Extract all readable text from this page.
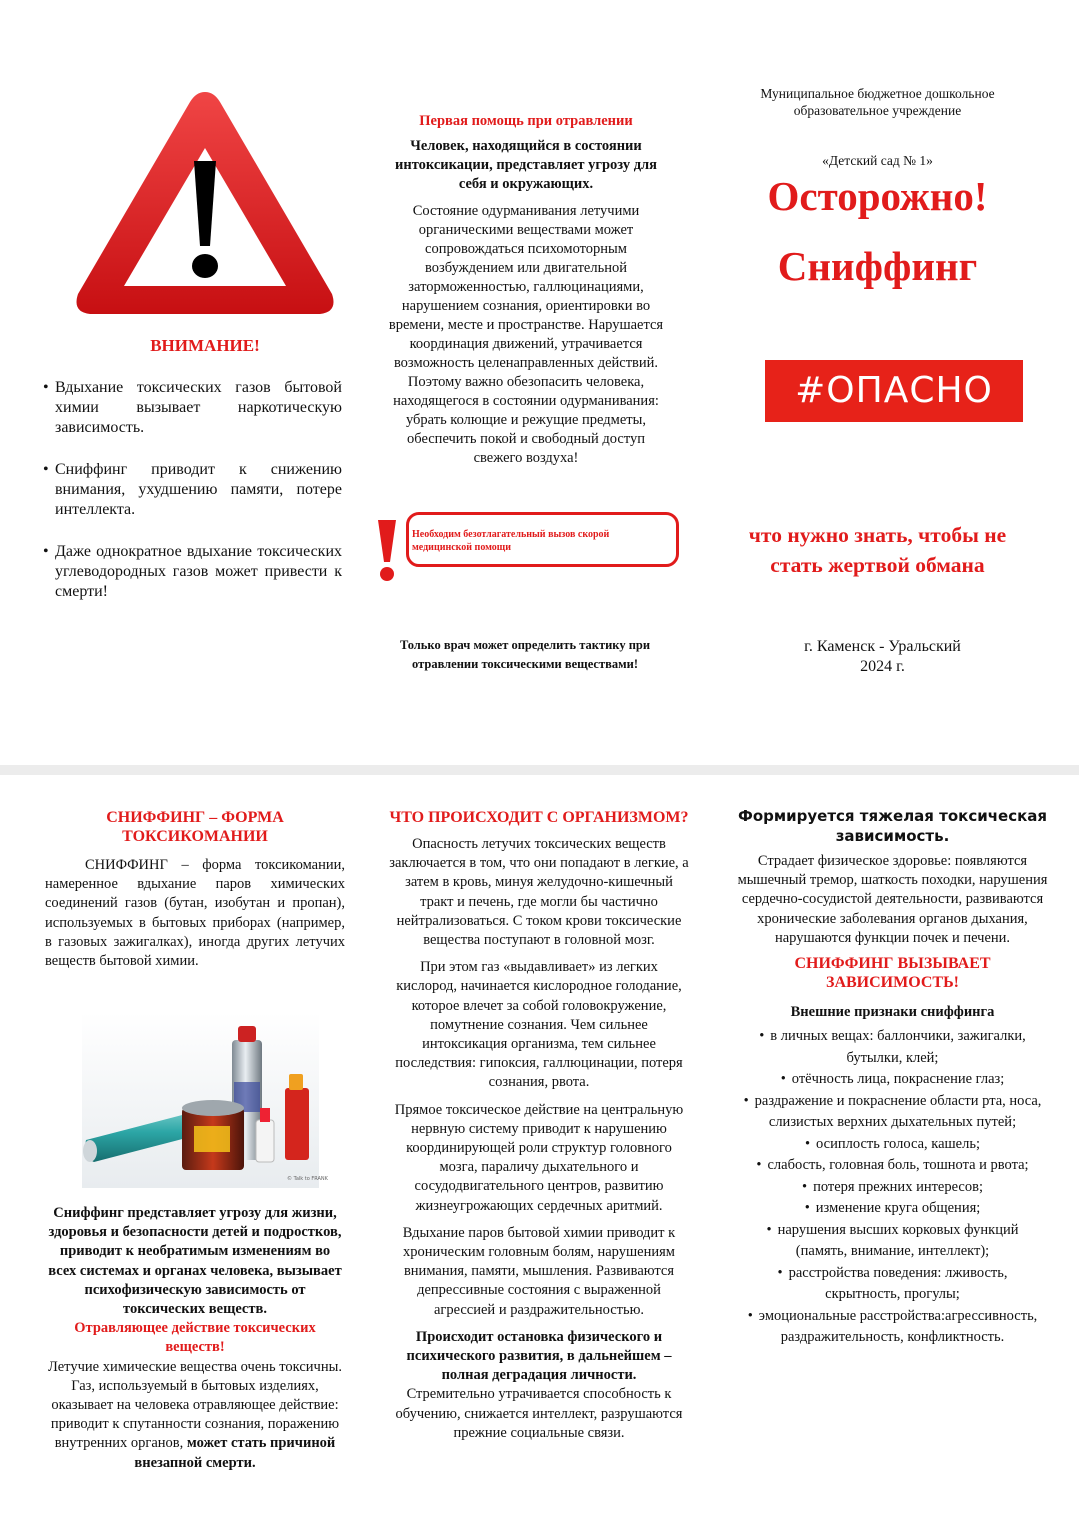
ВНИМАНИЕ!
• Вдыхание токсических газов бытовой химии вызывает наркотическую зависимость.
• Сниффинг приводит к снижению внимания, ухудшению памяти, потере интеллекта.
• Даже однократное вдыхание токсических углеводородных газов может привести к смерти!
Первая помощь при отравлении
Человек, находящийся в состоянии интоксикации, представляет угрозу для себя и окружающих.
Состояние одурманивания летучими органическими веществами может сопровождаться психомоторным возбуждением или двигательной заторможенностью, галлюцинациями, нарушением сознания, ориентировки во времени, месте и пространстве. Нарушается координация движений, утрачивается возможность целенаправленных действий. Поэтому важно обезопасить человека, находящегося в состоянии одурманивания: убрать колющие и режущие предметы, обеспечить покой и свободный доступ свежего воздуха!
Необходим безотлагательный вызов скорой
медицинской помощи
Только врач может определить тактику при отравлении токсическими веществами!
Муниципальное бюджетное дошкольное образовательное учреждение
«Детский сад № 1»
Осторожно!
Сниффинг
#ОПАСНО
что нужно знать, чтобы не стать жертвой обмана
г. Каменск - Уральский
2024 г.
СНИФФИНГ – ФОРМА ТОКСИКОМАНИИ
СНИФФИНГ – форма токсикомании, намеренное вдыхание паров химических соединений газов (бутан, изобутан и пропан), используемых в бытовых приборах (например, в газовых зажигалках), иногда других летучих веществ бытовой химии.
© Talk to FRANK
Сниффинг представляет угрозу для жизни, здоровья и безопасности детей и подростков, приводит к необратимым изменениям во всех системах и органах человека, вызывает психофизическую зависимость от токсических веществ.
Отравляющее действие токсических веществ!
Летучие химические вещества очень токсичны. Газ, используемый в бытовых изделиях, оказывает на человека отравляющее действие: приводит к спутанности сознания, поражению внутренних органов, может стать причиной внезапной смерти.
ЧТО ПРОИСХОДИТ С ОРГАНИЗМОМ?
Опасность летучих токсических веществ заключается в том, что они попадают в легкие, а затем в кровь, минуя желудочно-кишечный тракт и печень, где могли бы частично нейтрализоваться. С током крови токсические вещества поступают в головной мозг.
При этом газ «выдавливает» из легких кислород, начинается кислородное голодание, которое влечет за собой головокружение, помутнение сознания. Чем сильнее интоксикация организма, тем сильнее последствия: гипоксия, галлюцинации, потеря сознания, рвота.
Прямое токсическое действие на центральную нервную систему приводит к нарушению координирующей роли структур головного мозга, параличу дыхательного и сосудодвигательного центров, развитию жизнеугрожающих сердечных аритмий.
Вдыхание паров бытовой химии приводит к хроническим головным болям, нарушениям внимания, памяти, мышления. Развиваются депрессивные состояния с выраженной агрессией и раздражительностью.
Происходит остановка физического и психического развития, в дальнейшем – полная деградация личности.
Стремительно утрачивается способность к обучению, снижается интеллект, разрушаются прежние социальные связи.
Формируется тяжелая токсическая зависимость.
Страдает физическое здоровье: появляются мышечный тремор, шаткость походки, нарушения сердечно-сосудистой деятельности, развиваются хронические заболевания органов дыхания, нарушаются функции почек и печени.
СНИФФИНГ ВЫЗЫВАЕТ ЗАВИСИМОСТЬ!
Внешние признаки сниффинга
• в личных вещах: баллончики, зажигалки, бутылки, клей;
• отёчность лица, покраснение глаз;
• раздражение и покраснение области рта, носа, слизистых верхних дыхательных путей;
• осиплость голоса, кашель;
• слабость, головная боль, тошнота и рвота;
• потеря прежних интересов;
• изменение круга общения;
• нарушения высших корковых функций (память, внимание, интеллект);
• расстройства поведения: лживость, скрытность, прогулы;
• эмоциональные расстройства:агрессивность, раздражительность, конфликтность.
